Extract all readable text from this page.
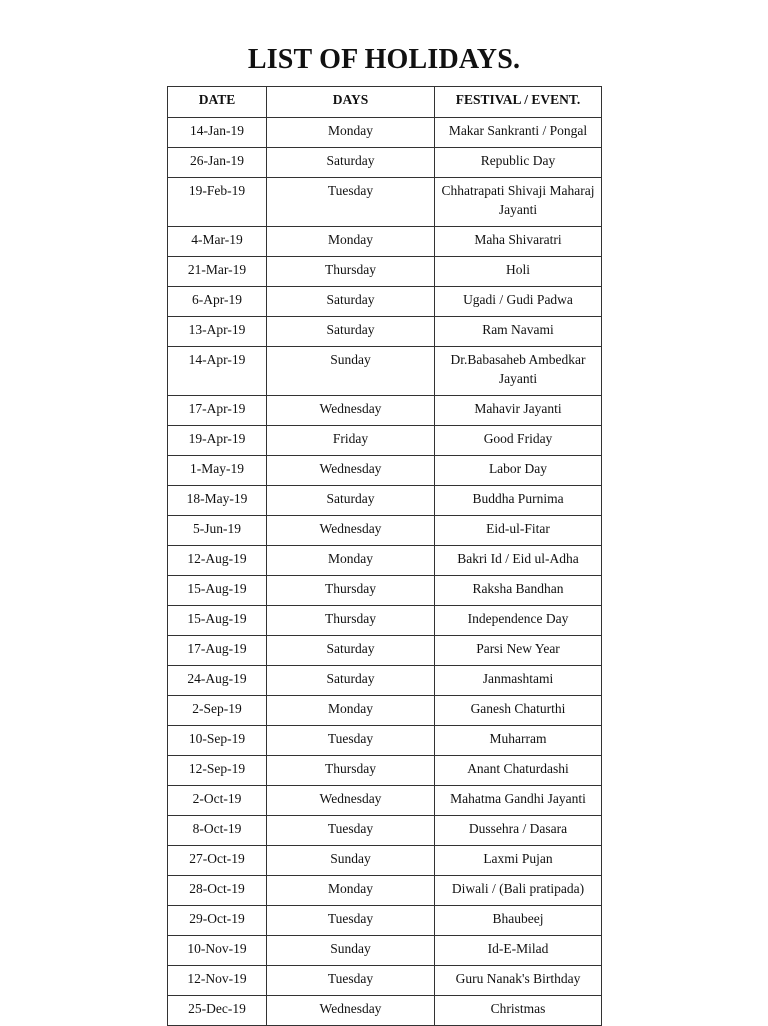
LIST OF HOLIDAYS.
DATE	DAYS	FESTIVAL / EVENT.
14-Jan-19	Monday	Makar Sankranti / Pongal
26-Jan-19	Saturday	Republic Day
19-Feb-19	Tuesday	Chhatrapati Shivaji Maharaj Jayanti
4-Mar-19	Monday	Maha Shivaratri
21-Mar-19	Thursday	Holi
6-Apr-19	Saturday	Ugadi / Gudi Padwa
13-Apr-19	Saturday	Ram Navami
14-Apr-19	Sunday	Dr.Babasaheb Ambedkar Jayanti
17-Apr-19	Wednesday	Mahavir Jayanti
19-Apr-19	Friday	Good Friday
1-May-19	Wednesday	Labor Day
18-May-19	Saturday	Buddha Purnima
5-Jun-19	Wednesday	Eid-ul-Fitar
12-Aug-19	Monday	Bakri Id / Eid ul-Adha
15-Aug-19	Thursday	Raksha Bandhan
15-Aug-19	Thursday	Independence Day
17-Aug-19	Saturday	Parsi New Year
24-Aug-19	Saturday	Janmashtami
2-Sep-19	Monday	Ganesh Chaturthi
10-Sep-19	Tuesday	Muharram
12-Sep-19	Thursday	Anant Chaturdashi
2-Oct-19	Wednesday	Mahatma Gandhi Jayanti
8-Oct-19	Tuesday	Dussehra / Dasara
27-Oct-19	Sunday	Laxmi Pujan
28-Oct-19	Monday	Diwali / (Bali pratipada)
29-Oct-19	Tuesday	Bhaubeej
10-Nov-19	Sunday	Id-E-Milad
12-Nov-19	Tuesday	Guru Nanak's Birthday
25-Dec-19	Wednesday	Christmas
